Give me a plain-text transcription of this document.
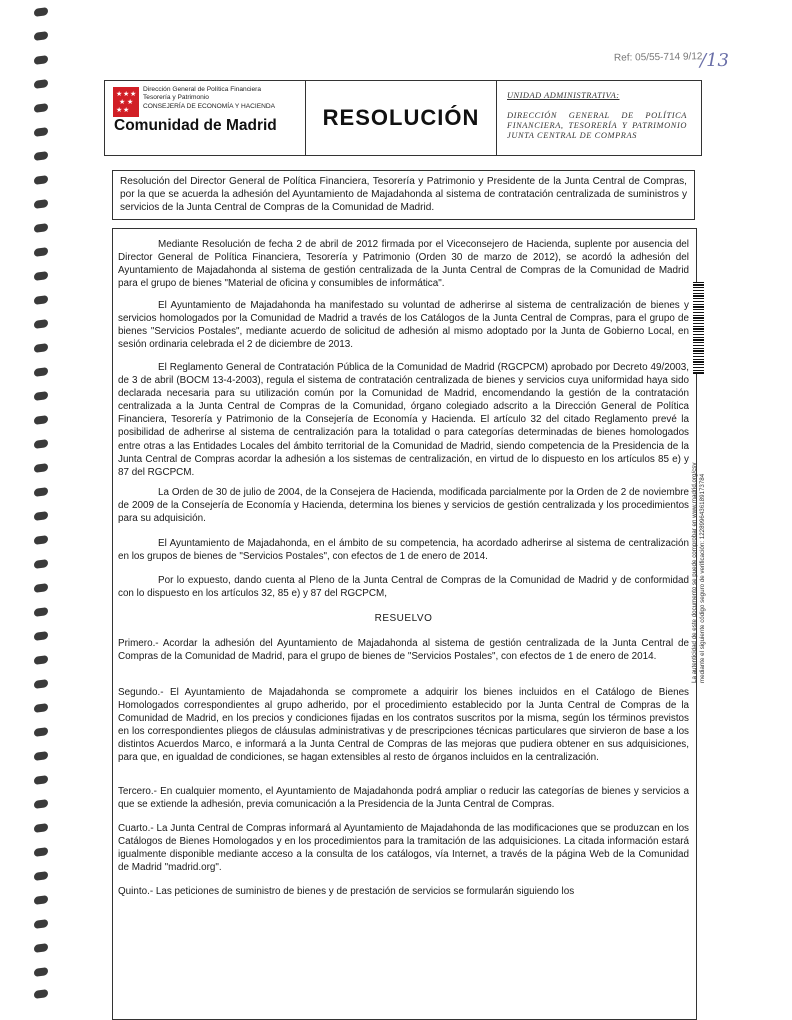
Ref: 05/55-714 9/12
/13
★ ★ ★
★ ★
★ ★
Dirección General de Política Financiera
Tesorería y Patrimonio
CONSEJERÍA DE ECONOMÍA Y HACIENDA
Comunidad de Madrid RESOLUCIÓN
UNIDAD ADMINISTRATIVA:
DIRECCIÓN GENERAL DE POLÍTICA FINANCIERA, TESORERÍA Y PATRIMONIO JUNTA CENTRAL DE COMPRAS
Resolución del Director General de Política Financiera, Tesorería y Patrimonio y Presidente de la Junta Central de Compras, por la que se acuerda la adhesión del Ayuntamiento de Majadahonda al sistema de contratación centralizada de suministros y servicios de la Junta Central de Compras de la Comunidad de Madrid.
Mediante Resolución de fecha 2 de abril de 2012 firmada por el Viceconsejero de Hacienda, suplente por ausencia del Director General de Política Financiera, Tesorería y Patrimonio (Orden 30 de marzo de 2012), se acordó la adhesión del Ayuntamiento de Majadahonda al sistema de gestión centralizada de la Junta Central de Compras de la Comunidad de Madrid para el grupo de bienes "Material de oficina y consumibles de informática".
El Ayuntamiento de Majadahonda ha manifestado su voluntad de adherirse al sistema de centralización de bienes y servicios homologados por la Comunidad de Madrid a través de los Catálogos de la Junta Central de Compras, para el grupo de bienes "Servicios Postales", mediante acuerdo de solicitud de adhesión al mismo adoptado por la Junta de Gobierno Local, en sesión ordinaria celebrada el 2 de diciembre de 2013.
El Reglamento General de Contratación Pública de la Comunidad de Madrid (RGCPCM) aprobado por Decreto 49/2003, de 3 de abril (BOCM 13-4-2003), regula el sistema de contratación centralizada de bienes y servicios cuya uniformidad haya sido declarada necesaria para su utilización común por la Comunidad de Madrid, encomendando la gestión de la contratación centralizada a la Junta Central de Compras de la Comunidad, órgano colegiado adscrito a la Dirección General de Política Financiera, Tesorería y Patrimonio de la Consejería de Economía y Hacienda. El artículo 32 del citado Reglamento prevé la posibilidad de adherirse al sistema de centralización para la totalidad o para categorías determinadas de bienes homologados entre otras a las Entidades Locales del ámbito territorial de la Comunidad de Madrid, siendo competencia de la Presidencia de la Junta Central de Compras acordar la adhesión a los sistemas de centralización, en virtud de lo dispuesto en los artículos 85 e) y 87 del RGCPCM.
La Orden de 30 de julio de 2004, de la Consejera de Hacienda, modificada parcialmente por la Orden de 2 de noviembre de 2009 de la Consejería de Economía y Hacienda, determina los bienes y servicios de gestión centralizada y los procedimientos para su adquisición.
El Ayuntamiento de Majadahonda, en el ámbito de su competencia, ha acordado adherirse al sistema de centralización en los grupos de bienes de "Servicios Postales", con efectos de 1 de enero de 2014.
Por lo expuesto, dando cuenta al Pleno de la Junta Central de Compras de la Comunidad de Madrid y de conformidad con lo dispuesto en los artículos 32, 85 e) y 87 del RGCPCM,
RESUELVO
Primero.- Acordar la adhesión del Ayuntamiento de Majadahonda al sistema de gestión centralizada de la Junta Central de Compras de la Comunidad de Madrid, para el grupo de bienes de "Servicios Postales", con efectos de 1 de enero de 2014.
Segundo.- El Ayuntamiento de Majadahonda se compromete a adquirir los bienes incluidos en el Catálogo de Bienes Homologados correspondientes al grupo adherido, por el procedimiento establecido por la Junta Central de Compras de la Comunidad de Madrid, en los precios y condiciones fijadas en los contratos suscritos por la misma, según los términos previstos en los correspondientes pliegos de cláusulas administrativas y de prescripciones técnicas particulares que sirvieron de base a los distintos Acuerdos Marco, e informará a la Junta Central de Compras de las mejoras que pudiera obtener en sus adquisiciones, para que, en igualdad de condiciones, se hagan extensibles al resto de órganos incluidos en la centralización.
Tercero.- En cualquier momento, el Ayuntamiento de Majadahonda podrá ampliar o reducir las categorías de bienes y servicios a que se extiende la adhesión, previa comunicación a la Presidencia de la Junta Central de Compras.
Cuarto.- La Junta Central de Compras informará al Ayuntamiento de Majadahonda de las modificaciones que se produzcan en los Catálogos de Bienes Homologados y en los procedimientos para la tramitación de las adquisiciones. La citada información estará igualmente disponible mediante acceso a la consulta de los catálogos, vía Internet, a través de la página Web de la Comunidad de Madrid "madrid.org".
Quinto.- Las peticiones de suministro de bienes y de prestación de servicios se formularán siguiendo los
La autenticidad de este documento se puede comprobar en www.madrid.org/csv mediante el siguiente código seguro de verificación: 1228996436189173784
